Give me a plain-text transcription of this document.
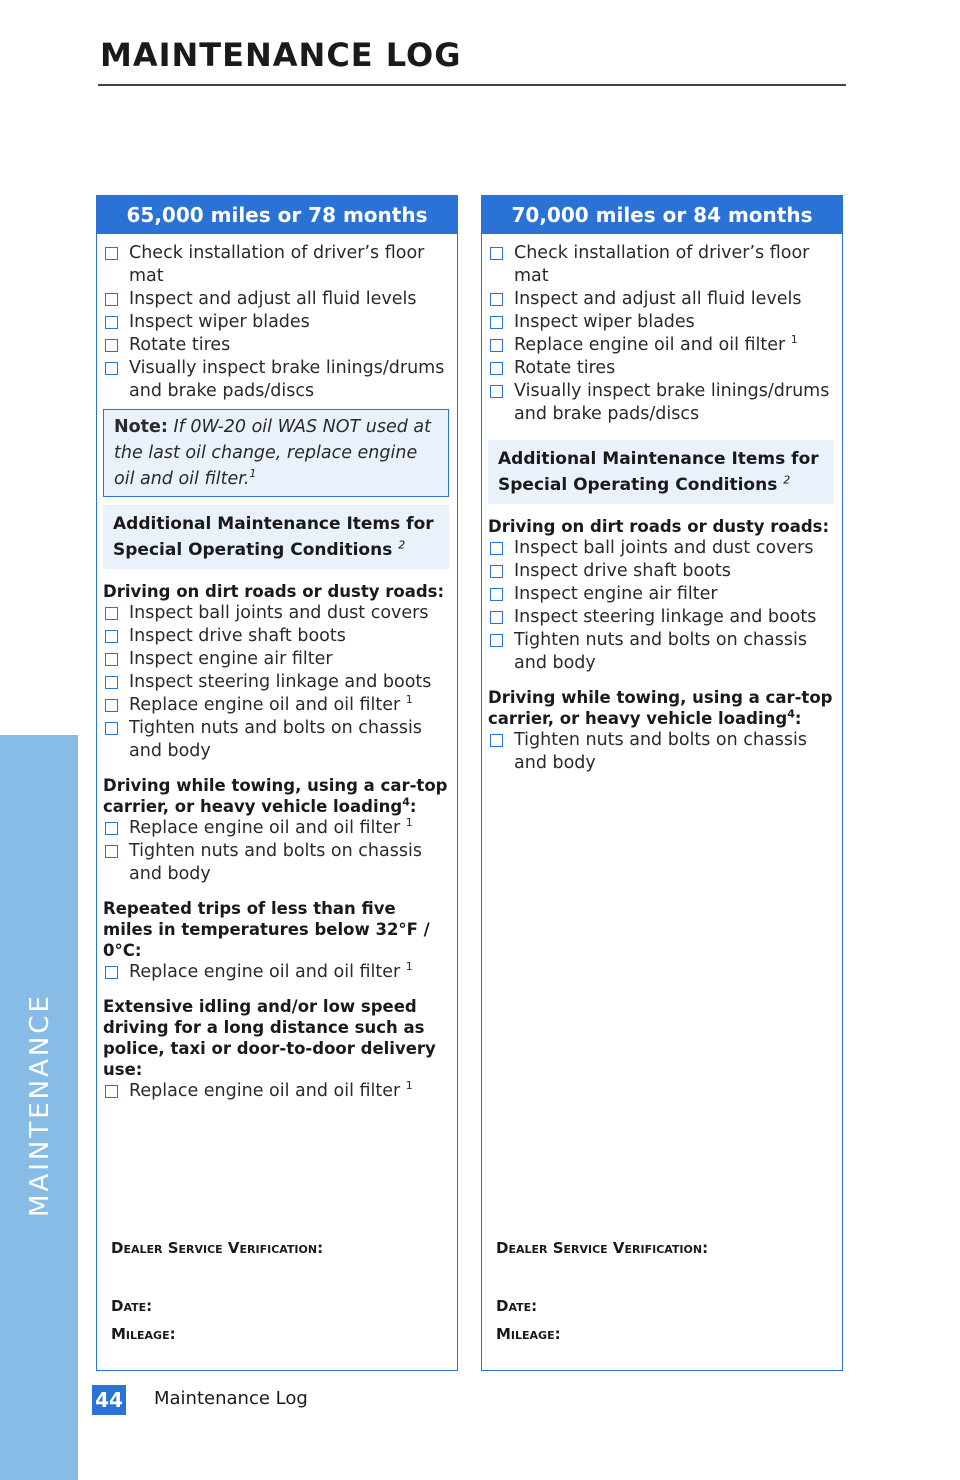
MAINTENANCE LOG
MAINTENANCE
65,000 miles or 78 months
Check installation of driver’s floor mat
Inspect and adjust all fluid levels
Inspect wiper blades
Rotate tires
Visually inspect brake linings/drums and brake pads/discs
Note: If 0W-20 oil WAS NOT used at the last oil change, replace engine oil and oil filter.$^1$
Additional Maintenance Items for Special Operating Conditions $^2$
Driving on dirt roads or dusty roads:
Inspect ball joints and dust covers
Inspect drive shaft boots
Inspect engine air filter
Inspect steering linkage and boots
Replace engine oil and oil filter $^1$
Tighten nuts and bolts on chassis and body
Driving while towing, using a car-top carrier, or heavy vehicle loading$^4$:
Replace engine oil and oil filter $^1$
Tighten nuts and bolts on chassis and body
Repeated trips of less than five miles in temperatures below 32°F / 0°C:
Replace engine oil and oil filter $^1$
Extensive idling and/or low speed driving for a long distance such as police, taxi or door-to-door delivery use:
Replace engine oil and oil filter $^1$
Dealer Service Verification:
Date:
Mileage:
70,000 miles or 84 months
Check installation of driver’s floor mat
Inspect and adjust all fluid levels
Inspect wiper blades
Replace engine oil and oil filter $^1$
Rotate tires
Visually inspect brake linings/drums and brake pads/discs
Additional Maintenance Items for Special Operating Conditions $^2$
Driving on dirt roads or dusty roads:
Inspect ball joints and dust covers
Inspect drive shaft boots
Inspect engine air filter
Inspect steering linkage and boots
Tighten nuts and bolts on chassis and body
Driving while towing, using a car-top carrier, or heavy vehicle loading$^4$:
Tighten nuts and bolts on chassis and body
Dealer Service Verification:
Date:
Mileage:
44 Maintenance Log
